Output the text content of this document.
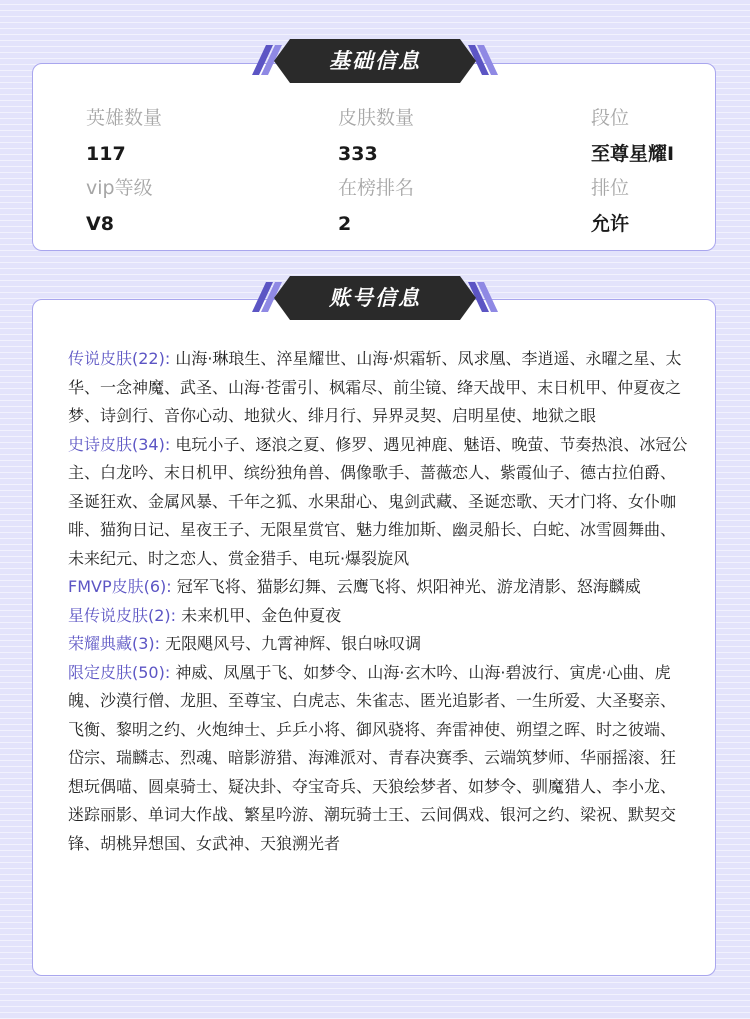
英雄数量
117
皮肤数量
333
段位
至尊星耀I
vip等级
V8
在榜排名
2
排位
允许
传说皮肤(22): 山海·琳琅生、淬星耀世、山海·炽霜斩、凤求凰、李逍遥、永曜之星、太华、一念神魔、武圣、山海·苍雷引、枫霜尽、前尘镜、绛天战甲、末日机甲、仲夏夜之梦、诗剑行、音你心动、地狱火、绯月行、异界灵契、启明星使、地狱之眼
史诗皮肤(34): 电玩小子、逐浪之夏、修罗、遇见神鹿、魅语、晚萤、节奏热浪、冰冠公主、白龙吟、末日机甲、缤纷独角兽、偶像歌手、蔷薇恋人、紫霞仙子、德古拉伯爵、圣诞狂欢、金属风暴、千年之狐、水果甜心、鬼剑武藏、圣诞恋歌、天才门将、女仆咖啡、猫狗日记、星夜王子、无限星赏官、魅力维加斯、幽灵船长、白蛇、冰雪圆舞曲、未来纪元、时之恋人、赏金猎手、电玩·爆裂旋风
FMVP皮肤(6): 冠军飞将、猫影幻舞、云鹰飞将、炽阳神光、游龙清影、怒海麟威
星传说皮肤(2): 未来机甲、金色仲夏夜
荣耀典藏(3): 无限飓风号、九霄神辉、银白咏叹调
限定皮肤(50): 神威、凤凰于飞、如梦令、山海·玄木吟、山海·碧波行、寅虎·心曲、虎魄、沙漠行僧、龙胆、至尊宝、白虎志、朱雀志、匿光追影者、一生所爱、大圣娶亲、飞衡、黎明之约、火炮绅士、乒乒小将、御风骁将、奔雷神使、朔望之晖、时之彼端、岱宗、瑞麟志、烈魂、暗影游猎、海滩派对、青春决赛季、云端筑梦师、华丽摇滚、狂想玩偶喵、圆桌骑士、疑决卦、夺宝奇兵、天狼绘梦者、如梦令、驯魔猎人、李小龙、迷踪丽影、单词大作战、繁星吟游、潮玩骑士王、云间偶戏、银河之约、梁祝、默契交锋、胡桃异想国、女武神、天狼溯光者
基础信息
账号信息
